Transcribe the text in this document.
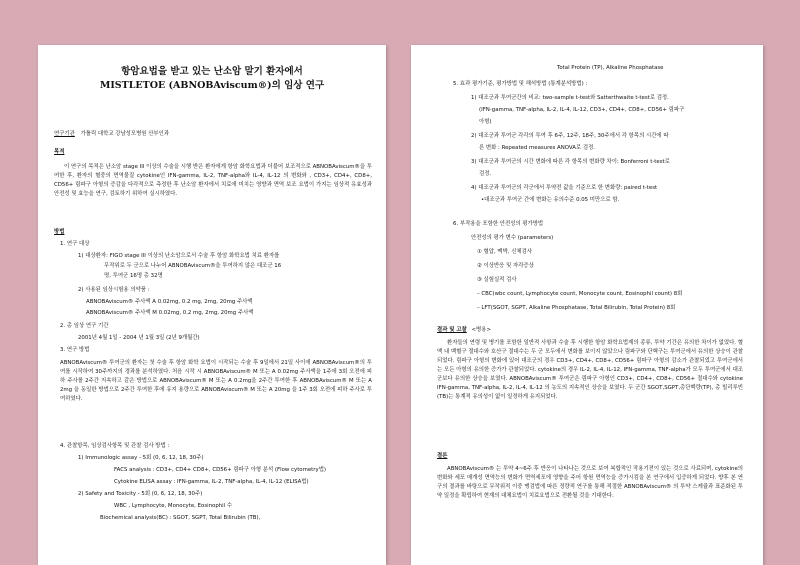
항암요법을 받고 있는 난소암 말기 환자에서
MISTLETOE (ABNOBAviscum®)의 임상 연구
연구기관 가톨릭 대학교 강남성모병원 산부인과
목적
이 연구의 목적은 난소암 stage III 이상의 수술을 시행 받은 환자에게 항암 화학요법과 더불어 보조적으로 ABNOBAviscum®을 투여한 후, 환자의 혈중의 면역물질 cytokine인 IFN-gamma, IL-2, TNF-alpha와 IL-4, IL-12 의 변화와 , CD3+, CD4+, CD8+, CD56+ 림파구 아형의 증감을 다각적으로 측정한 후 난소암 환자에서 치료에 미치는 영향과 면역 보조 요법이 가지는 임상적 유효성과 안전성 및 효능을 연구, 검토하기 위하여 실시하였다.
방법
1. 연구 대상
1) 대상환자: FIGO stage III 이상의 난소암으로서 수술 후 항암 화학요법 치료 환자를
무작위로 두 군으로 나누어 ABNOBAviscum®을 투여하지 않은 대조군 16
명, 투여군 16명 총 32명
2) 사용된 임상시험용 의약품 :
ABNOBAviscum® 주사액 A 0.02mg, 0.2 mg, 2mg, 20mg 주사액
ABNOBAviscum® 주사액 M 0.02mg, 0.2 mg, 2mg, 20mg 주사액
2. 총 임상 연구 기간
2001년 4월 1일 - 2004 년 1월 3일 (2년 9개월간)
3. 연구 방법
ABNOBAviscum® 투여군의 환자는 첫 수술 후 항암 화학 요법이 시작되는 수술 후 9일에서 21일 사이에 ABNOBAviscum®의 투여를 시작하여 30주까지의 경과를 분석하였다. 처음 시작 시 ABNOBAviscum® M 또는 A 0.02mg 주사액을 1주에 3회 오전에 피하 주사를 2주간 지속하고 같은 방법으로 ABNOBAviscum® M 또는 A 0.2mg을 2주간 투여한 후 ABNOBAviscum® M 또는 A 2mg 을 동일한 방법으로 2주간 투여한 후에 유지 용량으로 ABNOBAviscum® M 또는 A 20mg 을 1주 3회 오전에 피하 주사로 투여하였다.
4. 관찰항목, 임상검사항목 및 관찰 검사 방법 :
1) Immunologic assay - 5회 (0, 6, 12, 18, 30주)
FACS analysis : CD3+, CD4+ CD8+, CD56+ 림파구 아형 분석 (Flow cytometry법)
Cytokine ELISA assay : IFN-gamma, IL-2, TNF-alpha, IL-4, IL-12 (ELISA법)
2) Safety and Toxicity - 5회 (0, 6, 12, 18, 30주)
WBC , Lymphocyte, Monocyte, Eosinophil 수
Biochemical analysis(BC) : SGOT, SGPT, Total Bilirubin (TB),
Total Protein (TP), Alkaline Phosphatase
5. 효과 평가기준, 평가방법 및 해석방법 (통계분석방법) :
1) 대조군과 투여군간의 비교: two-sample t-test와 Satterthwaite t-test로 검정.
(IFN-gamma, TNF-alpha, IL-2, IL-4, IL-12, CD3+, CD4+, CD8+, CD56+ 림파구
아형)
2) 대조군과 투여군 각각의 투여 후 6주, 12주, 18주, 30주에서 각 항목의 시간에 따
른 변화 : Repeated measures ANOVA로 검정.
3) 대조군과 투여군의 시간 변화에 따른 각 항목의 변화량 차이: Bonferroni t-test로
검정.
4) 대조군과 투여군의 각군에서 투약전 값을 기준으로 한 변화량: paired t-test
•대조군과 투여군 간에 변화는 유의수준 0.05 미만으로 함.
6. 부작용을 포함한 안전성의 평가방법
안전성의 평가 변수 (parameters)
① 혈압, 맥박, 신체검사
② 이상반응 및 자각증상
③ 실험실적 검사
– CBC(wbc count, Lymphocyte count, Monocyte count, Eosinophil count) 8회
– LFT(SGOT, SGPT, Alkaline Phosphatase, Total Bilirubin, Total Protein) 8회
결과 및 고찰 <병용>
환자들의 연령 및 병기를 포함한 일반적 사항과 수술 후 시행한 항암 화학요법제의 종류, 투약 기간은 유의한 차이가 없었다. 혈액 내 백혈구 절대수와 호산구 절대수는 두 군 모두에서 변화를 보이지 않았으나 림파구와 단핵구는 투여군에서 유의한 상승이 관찰되었다. 림파구 아형의 변화에 있어 대조군의 경우 CD3+, CD4+, CD8+, CD56+ 림파구 아형의 감소가 관찰되었고 투여군에서는 모든 아형의 유의한 증가가 관찰되었다. cytokine의 경우 IL-2, IL-4, IL-12, IFN-gamma, TNF-alpha가 모두 투여군에서 대조군보다 유의한 상승을 보였다. ABNOBAviscum® 투여군은 림파구 아형인 CD3+, CD4+, CD8+, CD56+ 절대수와 cytokine IFN-gamma, TNF-alpha, IL-2, IL-4, IL-12 의 농도의 지속적인 상승을 보였다. 두 군간 SGOT,SGPT,총단백량(TP), 총 빌리루빈 (TB)는 통계적 유의성이 없이 일정하게 유지되었다.
결론
ABNOBAviscum® 는 투약 4~6주 후 반응이 나타나는 것으로 보여 복합적인 작용기전이 있는 것으로 사료되며, cytokine의 변화와 세포 매개성 면역능의 변화가 면역세포에 영향을 주어 항원 면역능을 증가시킴을 본 연구에서 입증하게 되었다. 향후 본 연구의 결과를 바탕으로 무작위적 이중 맹검법에 따른 정량적 연구를 통해 적절한 ABNOBAviscum® 의 투약 스케쥴과 표준화된 투약 일정을 확립하여 현재의 대체요법이 치료요법으로 전환될 것을 기대한다.
